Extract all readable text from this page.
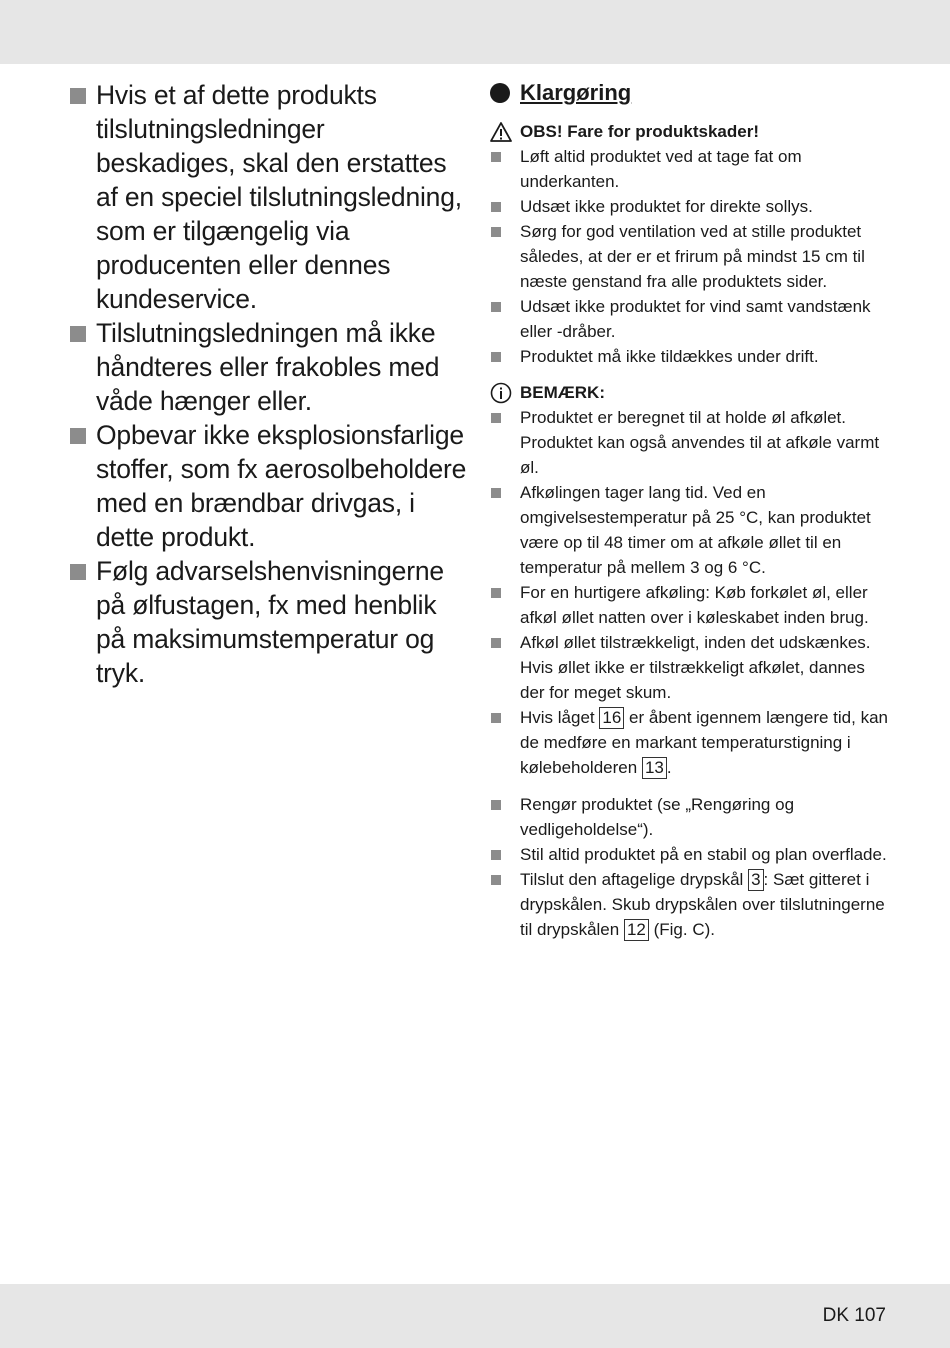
Hvis et af dette produkts tilslutningsledninger beskadiges, skal den erstattes af en speciel tilslutningsledning, som er tilgængelig via producenten eller dennes kundeservice.
Tilslutningsledningen må ikke håndteres eller frakobles med våde hænger eller.
Opbevar ikke eksplosionsfarlige stoffer, som fx aerosolbeholdere med en brændbar drivgas, i dette produkt.
Følg advarselshenvisningerne på ølfustagen, fx med henblik på maksimumstemperatur og tryk.
Klargøring
OBS! Fare for produktskader!
Løft altid produktet ved at tage fat om underkanten.
Udsæt ikke produktet for direkte sollys.
Sørg for god ventilation ved at stille produktet således, at der er et frirum på mindst 15 cm til næste genstand fra alle produktets sider.
Udsæt ikke produktet for vind samt vandstænk eller -dråber.
Produktet må ikke tildækkes under drift.
BEMÆRK:
Produktet er beregnet til at holde øl afkølet. Produktet kan også anvendes til at afkøle varmt øl.
Afkølingen tager lang tid. Ved en omgivelsestemperatur på 25 °C, kan produktet være op til 48 timer om at afkøle øllet til en temperatur på mellem 3 og 6 °C.
For en hurtigere afkøling: Køb forkølet øl, eller afkøl øllet natten over i køleskabet inden brug.
Afkøl øllet tilstrækkeligt, inden det udskænkes. Hvis øllet ikke er tilstrækkeligt afkølet, dannes der for meget skum.
Hvis låget 16 er åbent igennem længere tid, kan de medføre en markant temperaturstigning i kølebeholderen 13 .
Rengør produktet (se „Rengøring og vedligeholdelse“).
Stil altid produktet på en stabil og plan overflade.
Tilslut den aftagelige drypskål 3 : Sæt gitteret i drypskålen. Skub drypskålen over tilslutningerne til drypskålen 12 (Fig. C).
DK 107
